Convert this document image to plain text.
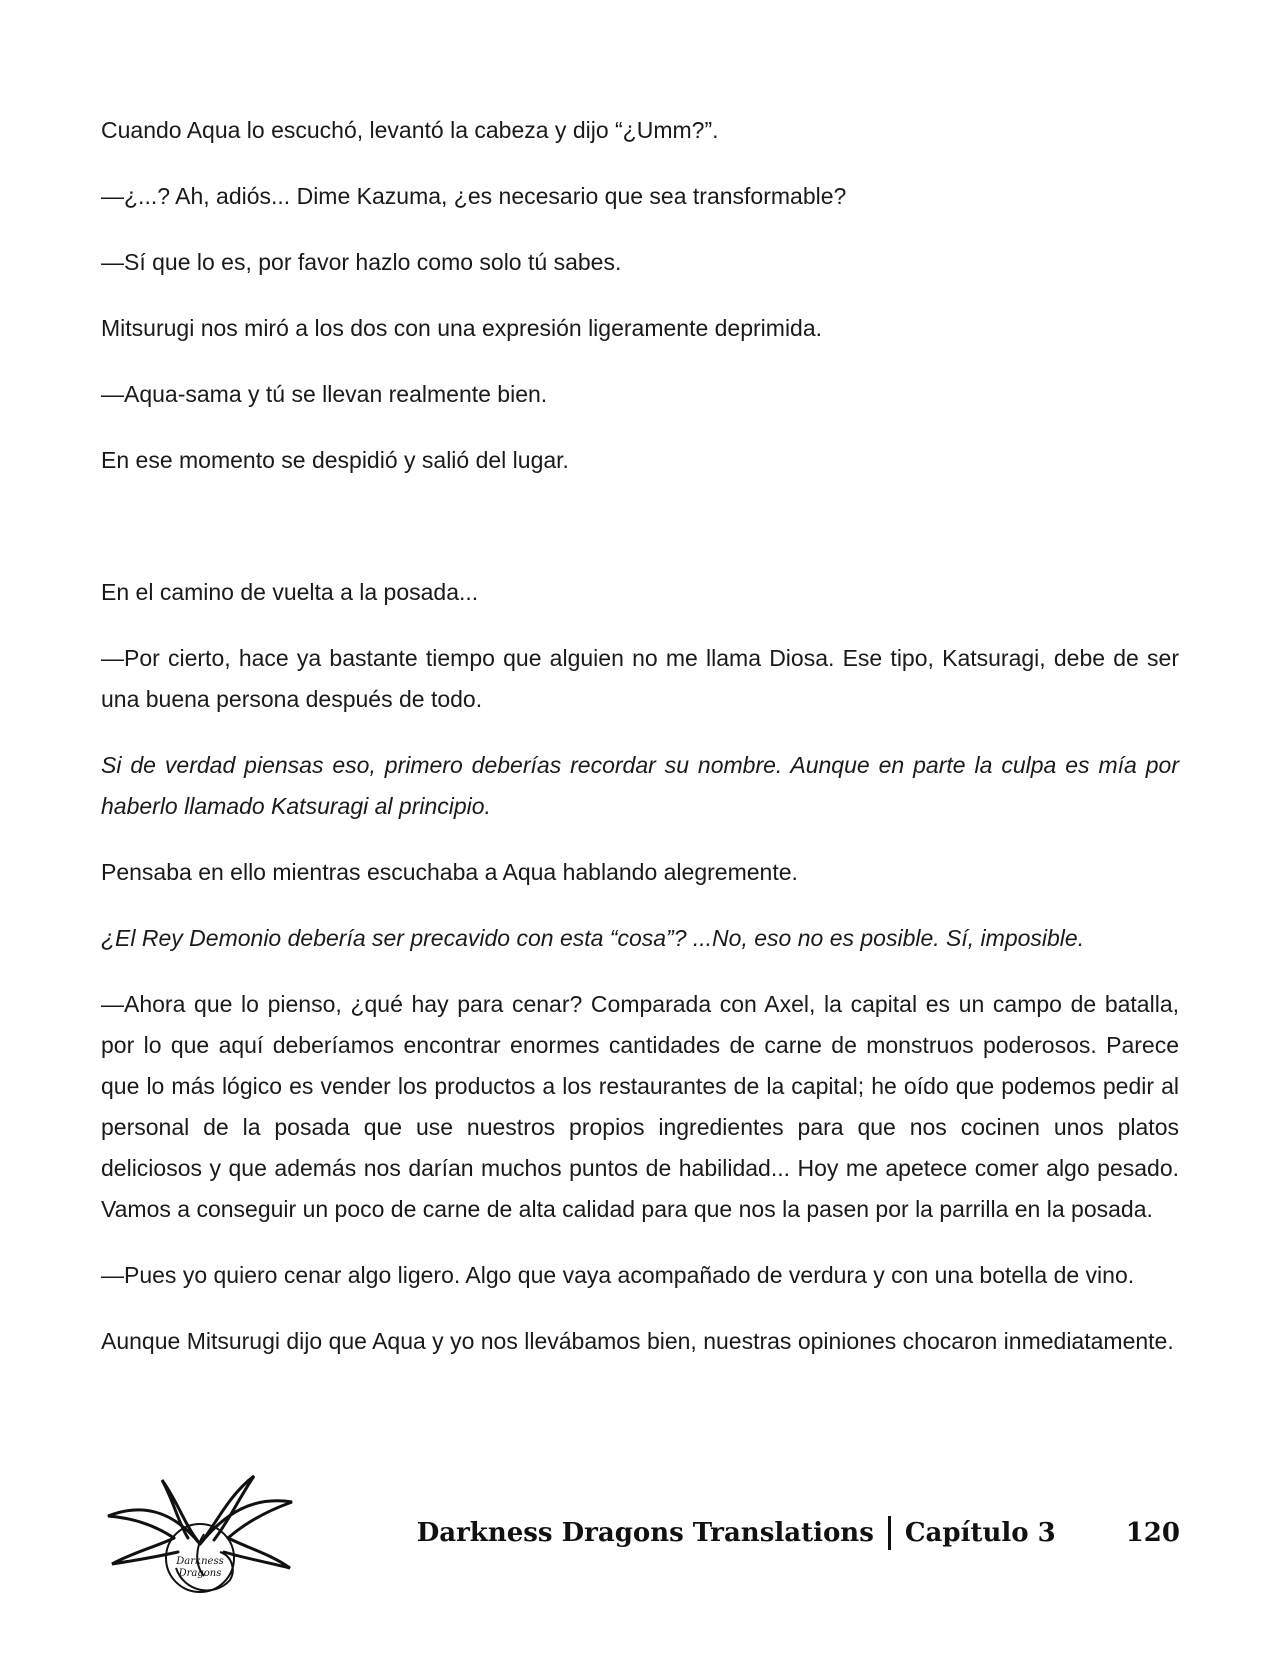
Cuando Aqua lo escuchó, levantó la cabeza y dijo “¿Umm?”.

—¿...? Ah, adiós... Dime Kazuma, ¿es necesario que sea transformable?

—Sí que lo es, por favor hazlo como solo tú sabes.

Mitsurugi nos miró a los dos con una expresión ligeramente deprimida.

—Aqua-sama y tú se llevan realmente bien.

En ese momento se despidió y salió del lugar.

En el camino de vuelta a la posada...

—Por cierto, hace ya bastante tiempo que alguien no me llama Diosa. Ese tipo, Katsuragi, debe de ser una buena persona después de todo.

Si de verdad piensas eso, primero deberías recordar su nombre. Aunque en parte la culpa es mía por haberlo llamado Katsuragi al principio.

Pensaba en ello mientras escuchaba a Aqua hablando alegremente.

¿El Rey Demonio debería ser precavido con esta “cosa”? ...No, eso no es posible. Sí, imposible.

—Ahora que lo pienso, ¿qué hay para cenar? Comparada con Axel, la capital es un campo de batalla, por lo que aquí deberíamos encontrar enormes cantidades de carne de monstruos poderosos. Parece que lo más lógico es vender los productos a los restaurantes de la capital; he oído que podemos pedir al personal de la posada que use nuestros propios ingredientes para que nos cocinen unos platos deliciosos y que además nos darían muchos puntos de habilidad... Hoy me apetece comer algo pesado. Vamos a conseguir un poco de carne de alta calidad para que nos la pasen por la parrilla en la posada.

—Pues yo quiero cenar algo ligero. Algo que vaya acompañado de verdura y con una botella de vino.

Aunque Mitsurugi dijo que Aqua y yo nos llevábamos bien, nuestras opiniones chocaron inmediatamente.

Darkness
Dragons
Darkness Dragons Translations Capítulo 3	120
